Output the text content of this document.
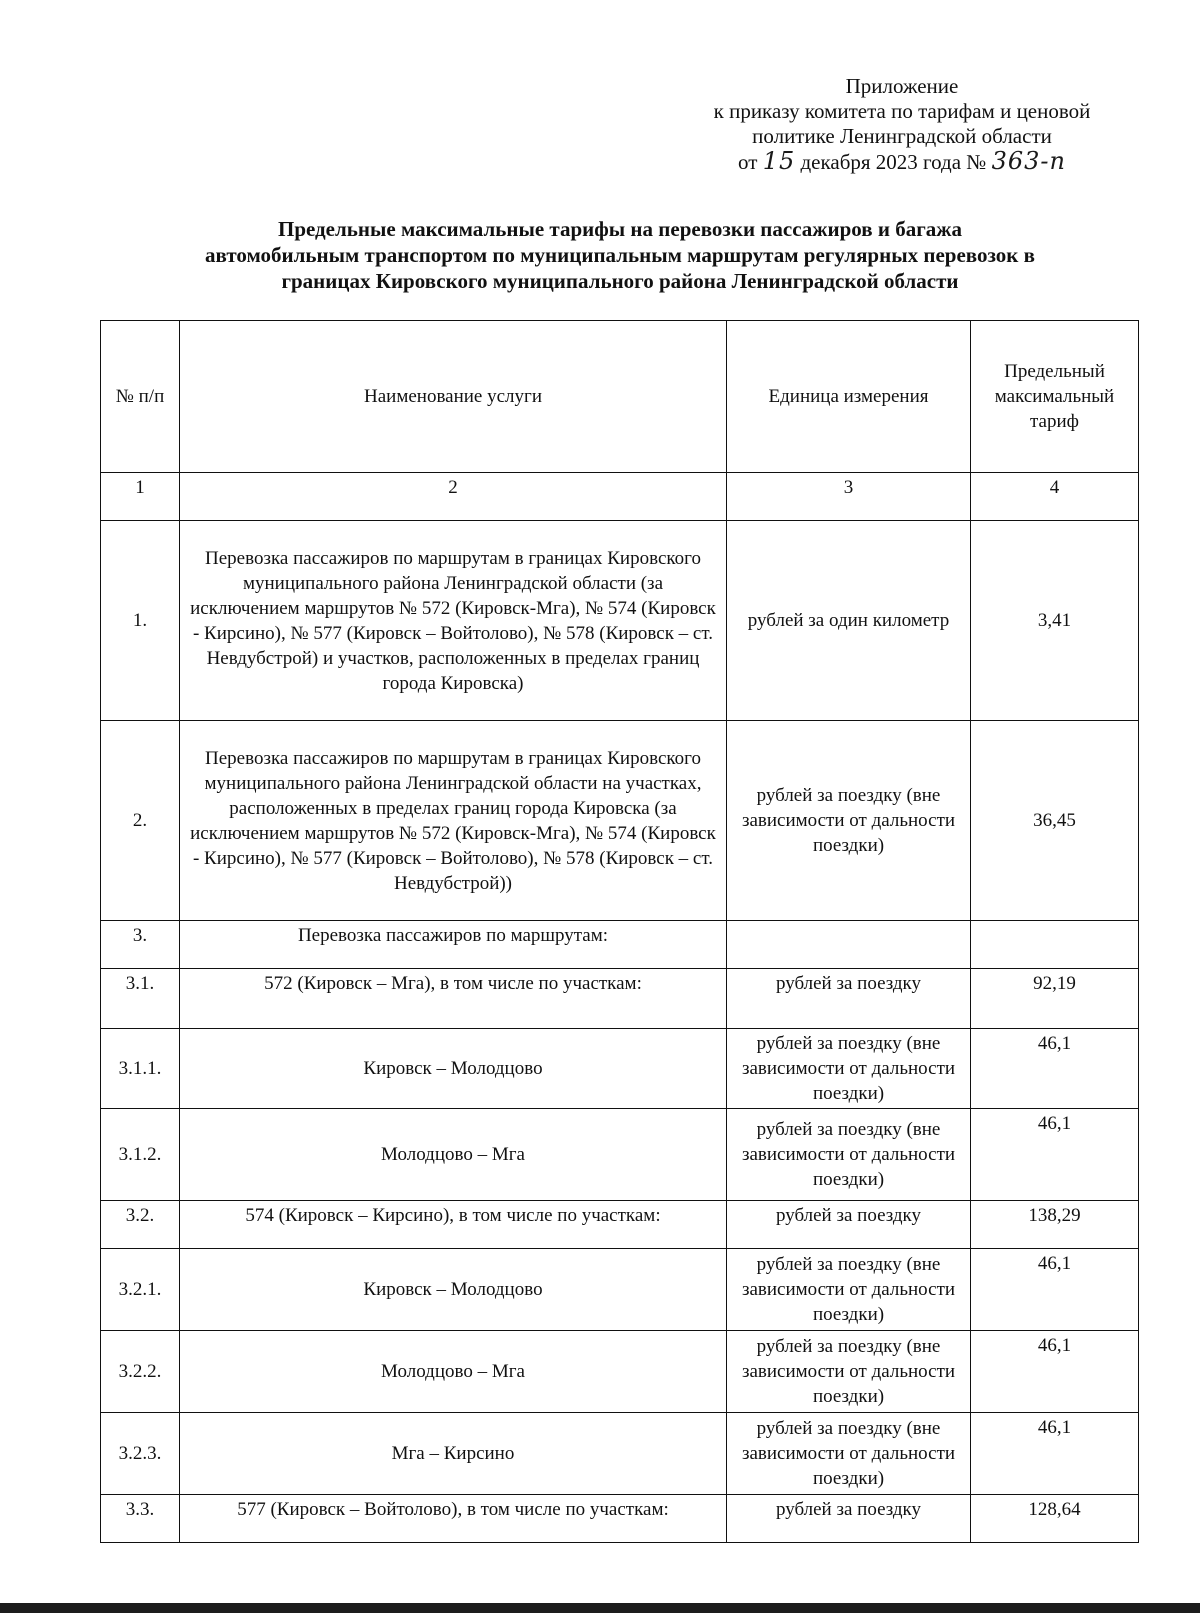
Приложение
к приказу комитета по тарифам и ценовой
политике Ленинградской области
от 15 декабря 2023 года № 363-п
Предельные максимальные тарифы на перевозки пассажиров и багажа
автомобильным транспортом по муниципальным маршрутам регулярных перевозок в
границах Кировского муниципального района Ленинградской области
№ п/п	Наименование услуги	Единица измерения	Предельный максимальный тариф
1	2	3	4
1.	Перевозка пассажиров по маршрутам в границах Кировского муниципального района Ленинградской области (за исключением маршрутов № 572 (Кировск-Мга), № 574 (Кировск - Кирсино), № 577 (Кировск – Войтолово), № 578 (Кировск – ст. Невдубстрой) и участков, расположенных в пределах границ города Кировска)	рублей за один километр	3,41
2.	Перевозка пассажиров по маршрутам в границах Кировского муниципального района Ленинградской области на участках, расположенных в пределах границ города Кировска (за исключением маршрутов № 572 (Кировск-Мга), № 574 (Кировск - Кирсино), № 577 (Кировск – Войтолово), № 578 (Кировск – ст. Невдубстрой))	рублей за поездку (вне зависимости от дальности поездки)	36,45
3.	Перевозка пассажиров по маршрутам:		
3.1.	572 (Кировск – Мга), в том числе по участкам:	рублей за поездку	92,19
3.1.1.	Кировск – Молодцово	рублей за поездку (вне зависимости от дальности поездки)	46,1
3.1.2.	Молодцово – Мга	рублей за поездку (вне зависимости от дальности поездки)	46,1
3.2.	574 (Кировск – Кирсино), в том числе по участкам:	рублей за поездку	138,29
3.2.1.	Кировск – Молодцово	рублей за поездку (вне зависимости от дальности поездки)	46,1
3.2.2.	Молодцово – Мга	рублей за поездку (вне зависимости от дальности поездки)	46,1
3.2.3.	Мга – Кирсино	рублей за поездку (вне зависимости от дальности поездки)	46,1
3.3.	577 (Кировск – Войтолово), в том числе по участкам:	рублей за поездку	128,64
